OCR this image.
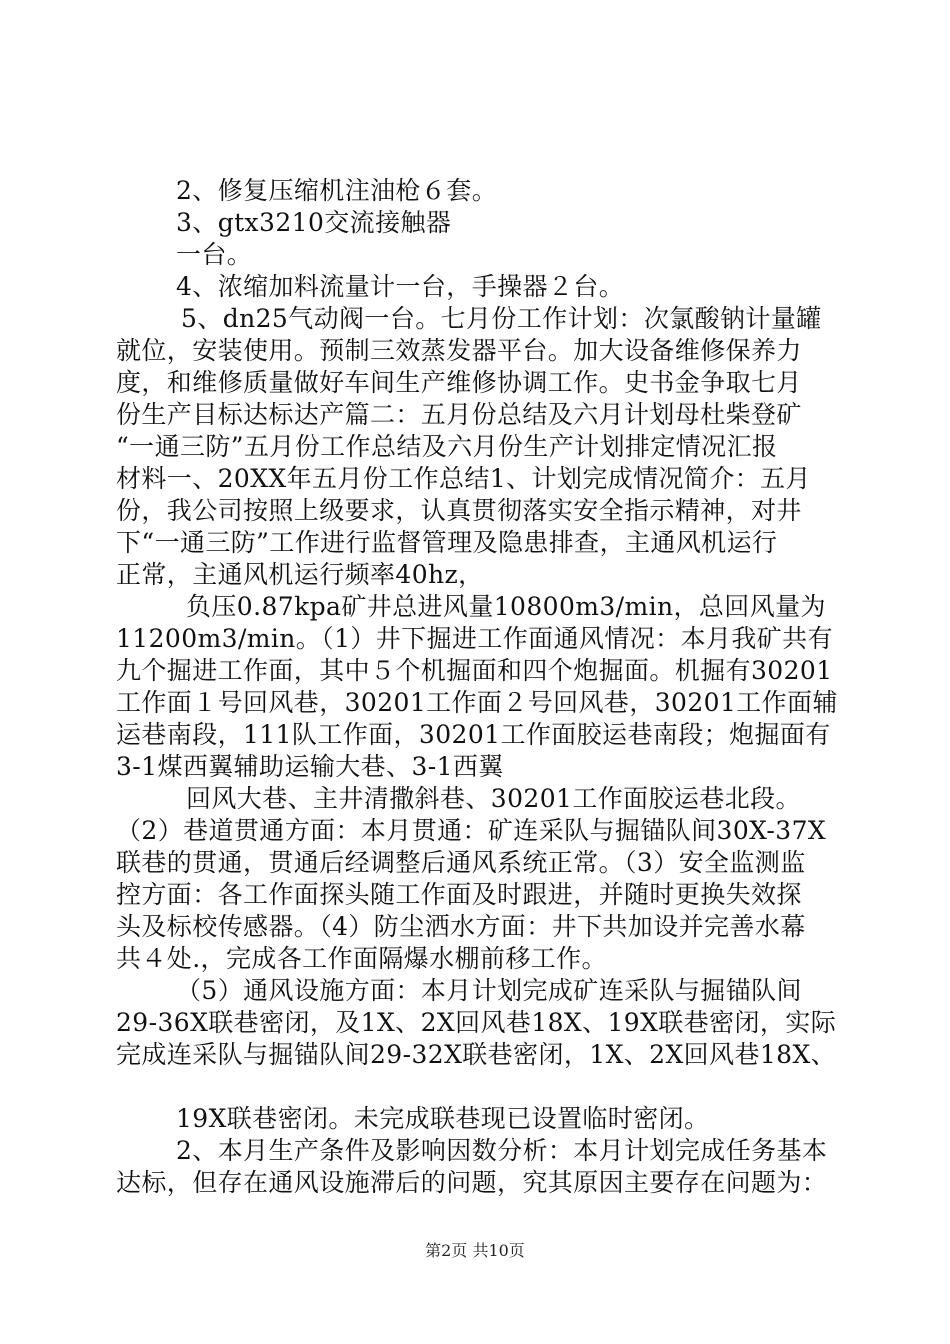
2、修复压缩机注油枪６套。
3、gtx3210交流接触器
一台。
4、浓缩加料流量计一台，手操器２台。
5、dn25气动阀一台。七月份工作计划：次氯酸钠计量罐
就位，安装使用。预制三效蒸发器平台。加大设备维修保养力
度，和维修质量做好车间生产维修协调工作。史书金争取七月
份生产目标达标达产篇二：五月份总结及六月计划母杜柴登矿
“一通三防”五月份工作总结及六月份生产计划排定情况汇报
材料一、20XX年五月份工作总结1、计划完成情况简介：五月
份，我公司按照上级要求，认真贯彻落实安全指示精神，对井
下“一通三防”工作进行监督管理及隐患排查，主通风机运行
正常，主通风机运行频率40hz，
负压0.87kpa矿井总进风量10800m3/min，总回风量为
11200m3/min。（1）井下掘进工作面通风情况：本月我矿共有
九个掘进工作面，其中５个机掘面和四个炮掘面。机掘有30201
工作面１号回风巷，30201工作面２号回风巷，30201工作面辅
运巷南段，111队工作面，30201工作面胶运巷南段；炮掘面有
3-1煤西翼辅助运输大巷、3-1西翼
回风大巷、主井清撒斜巷、30201工作面胶运巷北段。
（2）巷道贯通方面：本月贯通：矿连采队与掘锚队间30X-37X
联巷的贯通，贯通后经调整后通风系统正常。（3）安全监测监
控方面：各工作面探头随工作面及时跟进，并随时更换失效探
头及标校传感器。（4）防尘洒水方面：井下共加设并完善水幕
共４处.，完成各工作面隔爆水棚前移工作。
（5）通风设施方面：本月计划完成矿连采队与掘锚队间
29-36X联巷密闭，及1X、2X回风巷18X、19X联巷密闭，实际
完成连采队与掘锚队间29-32X联巷密闭，1X、2X回风巷18X、
19X联巷密闭。未完成联巷现已设置临时密闭。
2、本月生产条件及影响因数分析：本月计划完成任务基本
达标，但存在通风设施滞后的问题，究其原因主要存在问题为：
第2页 共10页
